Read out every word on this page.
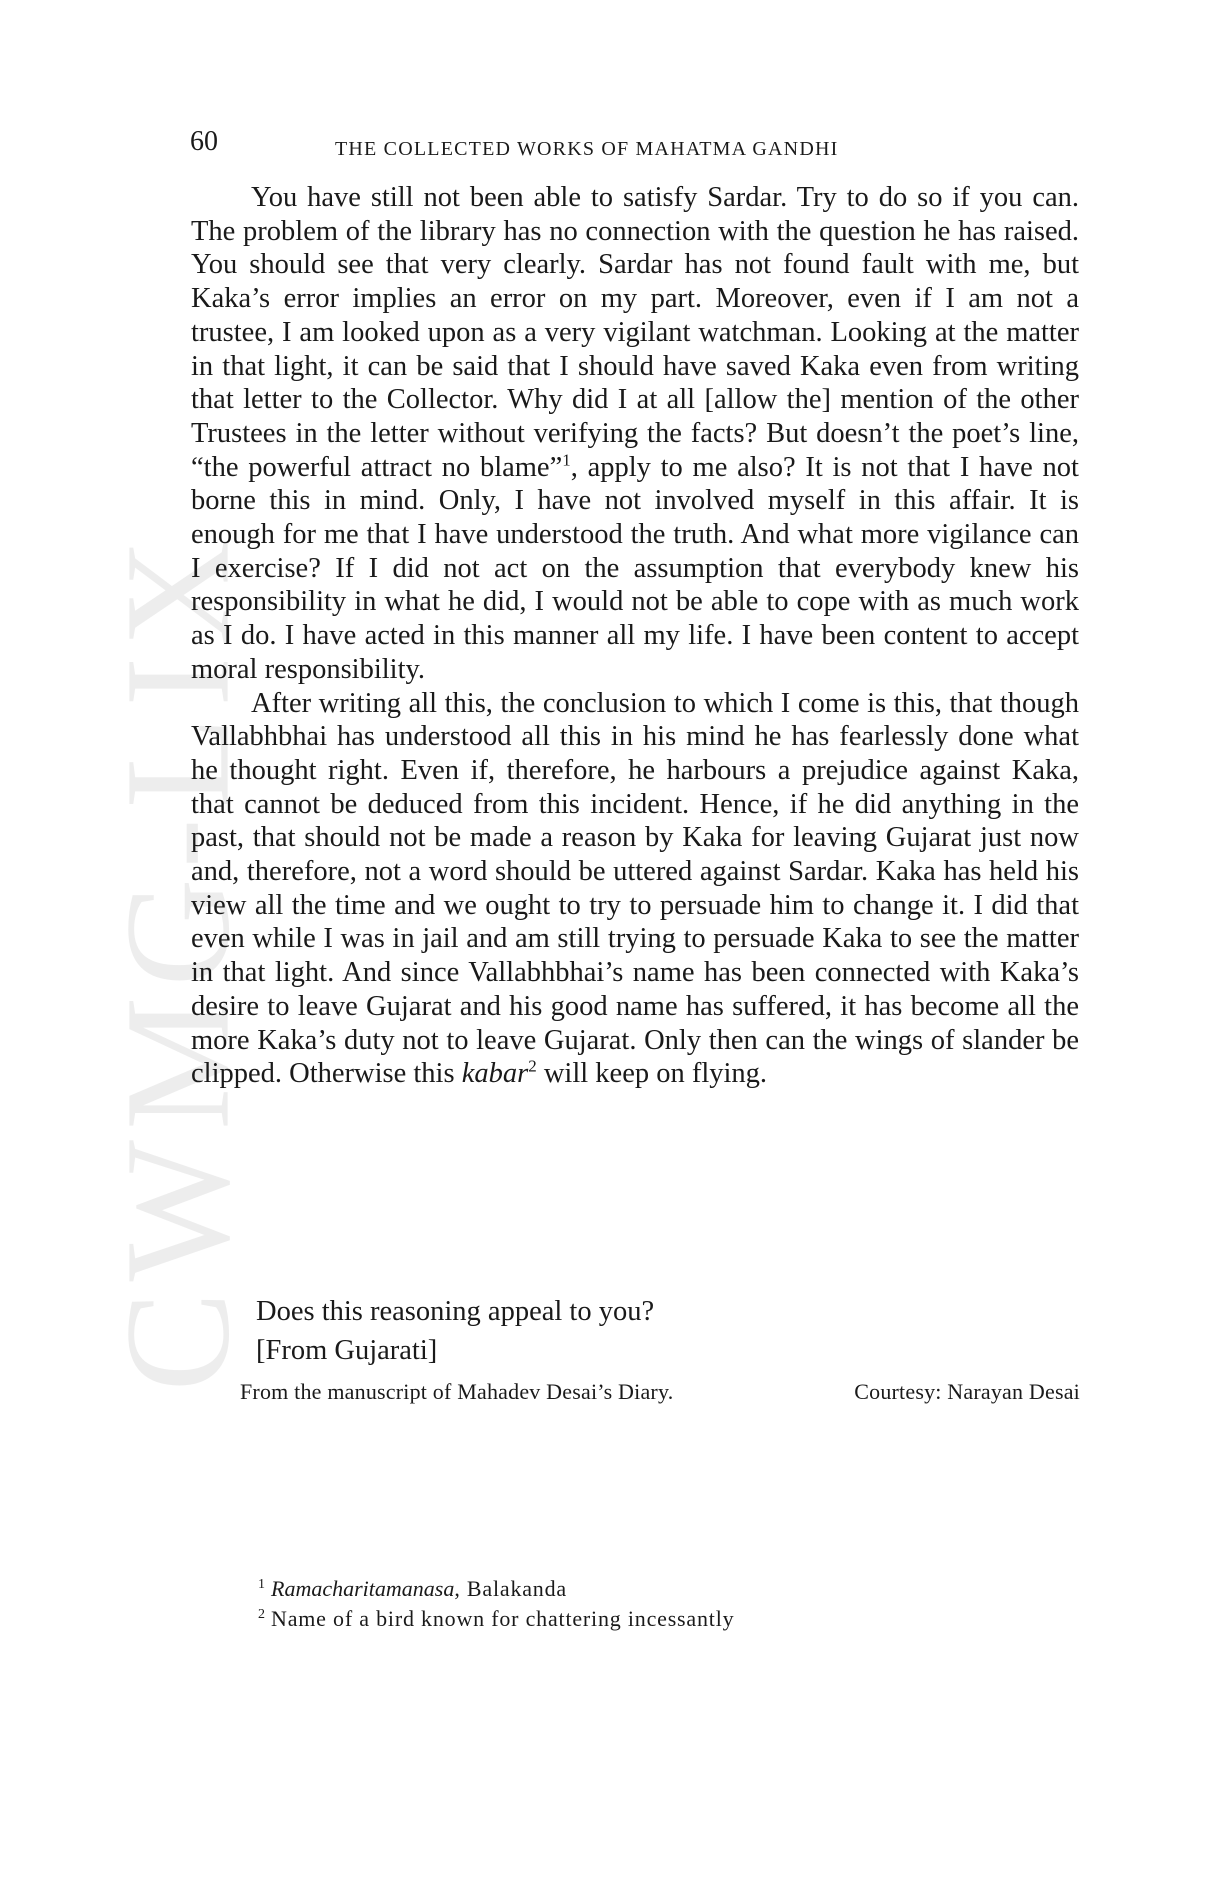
CWMG-LIX
60	THE COLLECTED WORKS OF MAHATMA GANDHI

You have still not been able to satisfy Sardar. Try to do so if you can. The problem of the library has no connection with the question he has raised. You should see that very clearly. Sardar has not found fault with me, but Kaka’s error implies an error on my part. Moreover, even if I am not a trustee, I am looked upon as a very vigilant watchman. Looking at the matter in that light, it can be said that I should have saved Kaka even from writing that letter to the Collector. Why did I at all [allow the] mention of the other Trustees in the letter without verifying the facts? But doesn’t the poet’s line, “the powerful attract no blame”$^1$, apply to me also? It is not that I have not borne this in mind. Only, I have not involved myself in this affair. It is enough for me that I have understood the truth. And what more vigilance can I exercise? If I did not act on the assumption that everybody knew his responsibility in what he did, I would not be able to cope with as much work as I do. I have acted in this manner all my life. I have been content to accept moral responsibility.

After writing all this, the conclusion to which I come is this, that though Vallabhbhai has understood all this in his mind he has fearlessly done what he thought right. Even if, therefore, he harbours a prejudice against Kaka, that cannot be deduced from this incident. Hence, if he did anything in the past, that should not be made a reason by Kaka for leaving Gujarat just now and, therefore, not a word should be uttered against Sardar. Kaka has held his view all the time and we ought to try to persuade him to change it. I did that even while I was in jail and am still trying to persuade Kaka to see the matter in that light. And since Vallabhbhai’s name has been connected with Kaka’s desire to leave Gujarat and his good name has suffered, it has become all the more Kaka’s duty not to leave Gujarat. Only then can the wings of slander be clipped. Otherwise this kabar$^2$ will keep on flying.

Does this reasoning appeal to you?
[From Gujarati]
From the manuscript of Mahadev Desai’s Diary.	Courtesy: Narayan Desai
$^1$ Ramacharitamanasa, Balakanda
$^2$ Name of a bird known for chattering incessantly
